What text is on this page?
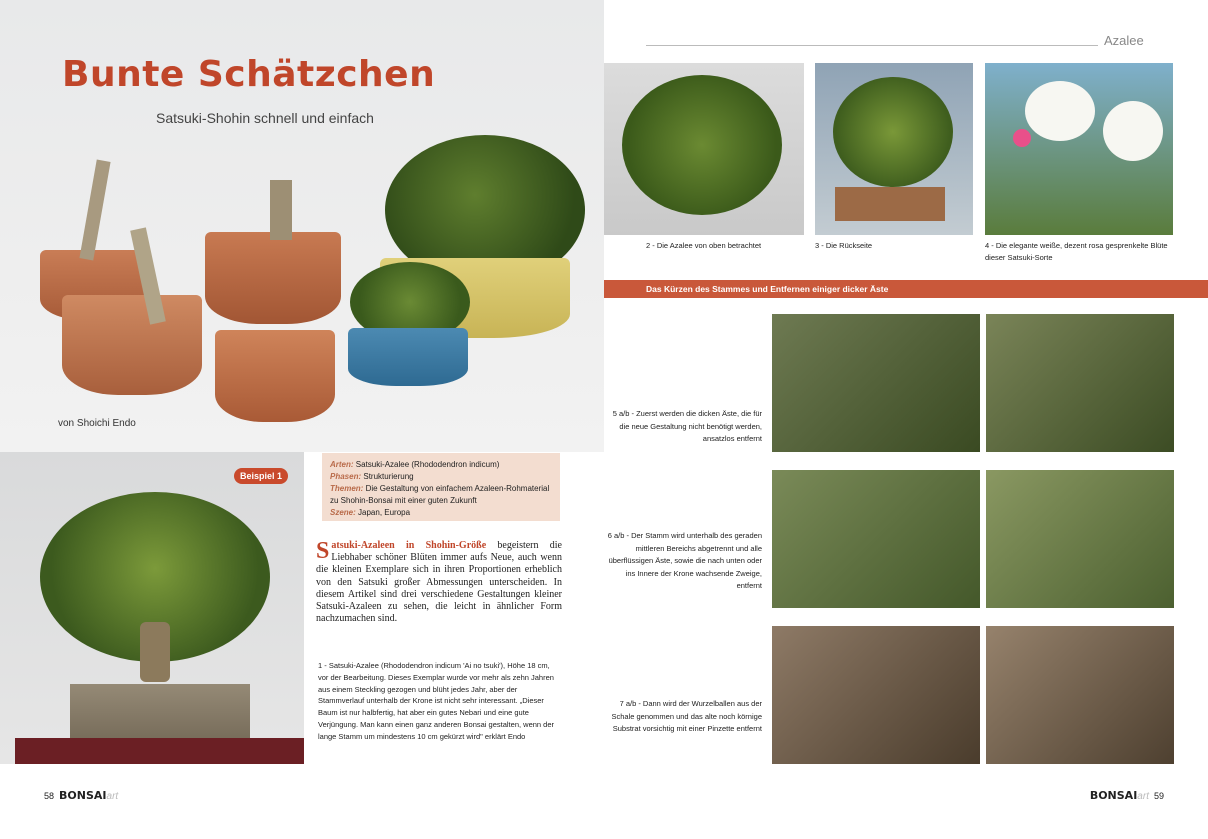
Bunte Schätzchen
Satsuki-Shohin schnell und einfach
von Shoichi Endo
Beispiel 1
Arten: Satsuki-Azalee (Rhododendron indicum)
Phasen: Strukturierung
Themen: Die Gestaltung von einfachem Azaleen-Rohmaterial zu Shohin-Bonsai mit einer guten Zukunft
Szene: Japan, Europa
Satsuki-Azaleen in Shohin-Größe begeistern die Liebhaber schöner Blüten immer aufs Neue, auch wenn die kleinen Exemplare sich in ihren Proportionen erheblich von den Satsuki großer Abmessungen unterscheiden. In diesem Artikel sind drei verschiedene Gestaltungen kleiner Satsuki-Azaleen zu sehen, die leicht in ähnlicher Form nachzumachen sind.
1 - Satsuki-Azalee (Rhododendron indicum 'Ai no tsuki'), Höhe 18 cm, vor der Bearbeitung. Dieses Exemplar wurde vor mehr als zehn Jahren aus einem Steckling gezogen und blüht jedes Jahr, aber der Stammverlauf unterhalb der Krone ist nicht sehr interessant. „Dieser Baum ist nur halbfertig, hat aber ein gutes Nebari und eine gute Verjüngung. Man kann einen ganz anderen Bonsai gestalten, wenn der lange Stamm um mindestens 10 cm gekürzt wird" erklärt Endo
58 BONSAIart
Azalee
2 - Die Azalee von oben betrachtet	3 - Die Rückseite	4 - Die elegante weiße, dezent rosa gesprenkelte Blüte dieser Satsuki-Sorte
Das Kürzen des Stammes und Entfernen einiger dicker Äste
5 a/b - Zuerst werden die dicken Äste, die für die neue Gestaltung nicht benötigt werden, ansatzlos entfernt
6 a/b - Der Stamm wird unterhalb des geraden mittleren Bereichs abgetrennt und alle überflüssigen Äste, sowie die nach unten oder ins Innere der Krone wachsende Zweige, entfernt
7 a/b - Dann wird der Wurzelballen aus der Schale genommen und das alte noch körnige Substrat vorsichtig mit einer Pinzette entfernt
BONSAIart 59
